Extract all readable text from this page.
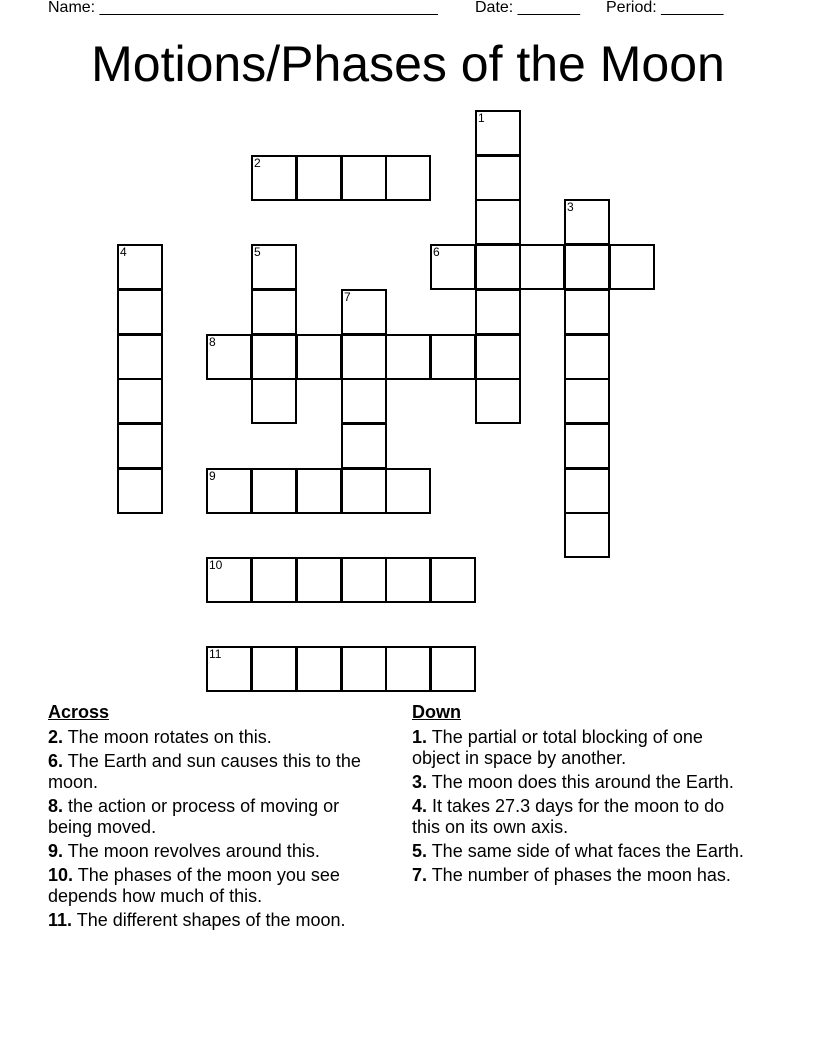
Name: ______________________________________ Date: _______ Period: _______
Motions/Phases of the Moon
1
2
3
4	5	6
7
8
9
10
11
Across
2. The moon rotates on this.
6. The Earth and sun causes this to the moon.
8. the action or process of moving or being moved.
9. The moon revolves around this.
10. The phases of the moon you see depends how much of this.
11. The different shapes of the moon.
Down
1. The partial or total blocking of one object in space by another.
3. The moon does this around the Earth.
4. It takes 27.3 days for the moon to do this on its own axis.
5. The same side of what faces the Earth.
7. The number of phases the moon has.
